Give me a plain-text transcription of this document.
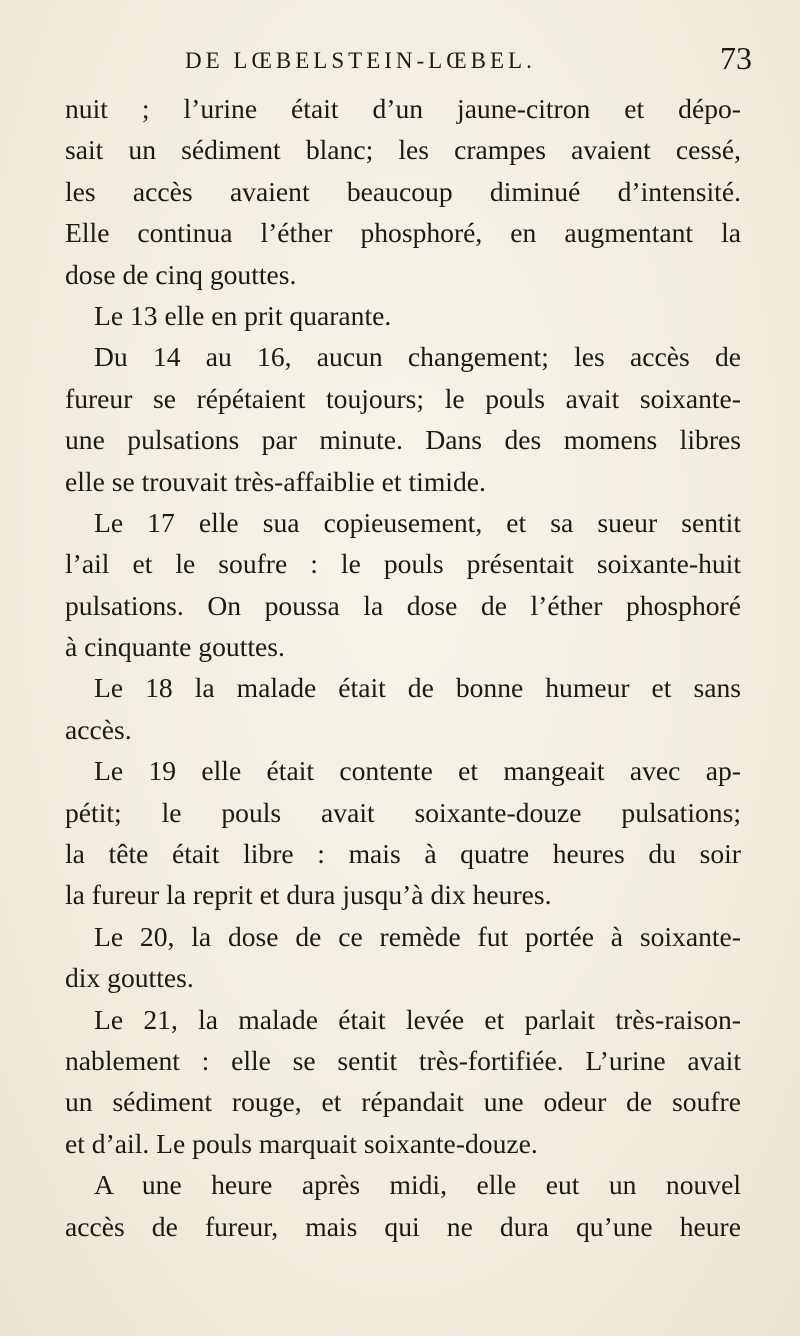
DE LŒBELSTEIN-LŒBEL.	73
nuit ; l’urine était d’un jaune-citron et dépo-
sait un sédiment blanc; les crampes avaient cessé,
les accès avaient beaucoup diminué d’intensité.
Elle continua l’éther phosphoré, en augmentant la
dose de cinq gouttes.
Le 13 elle en prit quarante.
Du 14 au 16, aucun changement; les accès de
fureur se répétaient toujours; le pouls avait soixante-
une pulsations par minute. Dans des momens libres
elle se trouvait très-affaiblie et timide.
Le 17 elle sua copieusement, et sa sueur sentit
l’ail et le soufre : le pouls présentait soixante-huit
pulsations. On poussa la dose de l’éther phosphoré
à cinquante gouttes.
Le 18 la malade était de bonne humeur et sans
accès.
Le 19 elle était contente et mangeait avec ap-
pétit; le pouls avait soixante-douze pulsations;
la tête était libre : mais à quatre heures du soir
la fureur la reprit et dura jusqu’à dix heures.
Le 20, la dose de ce remède fut portée à soixante-
dix gouttes.
Le 21, la malade était levée et parlait très-raison-
nablement : elle se sentit très-fortifiée. L’urine avait
un sédiment rouge, et répandait une odeur de soufre
et d’ail. Le pouls marquait soixante-douze.
A une heure après midi, elle eut un nouvel
accès de fureur, mais qui ne dura qu’une heure
